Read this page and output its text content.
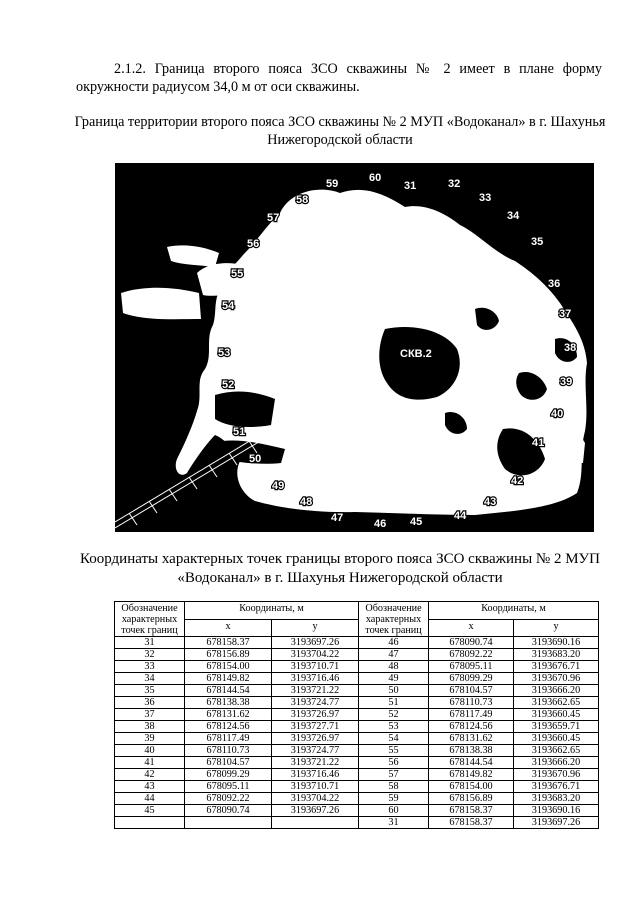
2.1.2. Граница второго пояса ЗСО скважины № 2 имеет в плане форму окружности радиусом 34,0 м от оси скважины.

Граница территории второго пояса ЗСО скважины № 2 МУП «Водоканал» в г. Шахунья Нижегородской области

СКВ.2
31	32
33
34
35
36
37
38
39
40
41
42
43
44
45
46
47
48
49
50
51
52
53
54
55
56
57
58
59	60

Координаты характерных точек границы второго пояса ЗСО скважины № 2 МУП «Водоканал» в г. Шахунья Нижегородской области

Обозначение характерных точек границ	Координаты, м		Обозначение характерных точек границ	Координаты, м	
	x	y		x	y
31	678158.37	3193697.26	46	678090.74	3193690.16
32	678156.89	3193704.22	47	678092.22	3193683.20
33	678154.00	3193710.71	48	678095.11	3193676.71
34	678149.82	3193716.46	49	678099.29	3193670.96
35	678144.54	3193721.22	50	678104.57	3193666.20
36	678138.38	3193724.77	51	678110.73	3193662.65
37	678131.62	3193726.97	52	678117.49	3193660.45
38	678124.56	3193727.71	53	678124.56	3193659.71
39	678117.49	3193726.97	54	678131.62	3193660.45
40	678110.73	3193724.77	55	678138.38	3193662.65
41	678104.57	3193721.22	56	678144.54	3193666.20
42	678099.29	3193716.46	57	678149.82	3193670.96
43	678095.11	3193710.71	58	678154.00	3193676.71
44	678092.22	3193704.22	59	678156.89	3193683.20
45	678090.74	3193697.26	60	678158.37	3193690.16
			31	678158.37	3193697.26
